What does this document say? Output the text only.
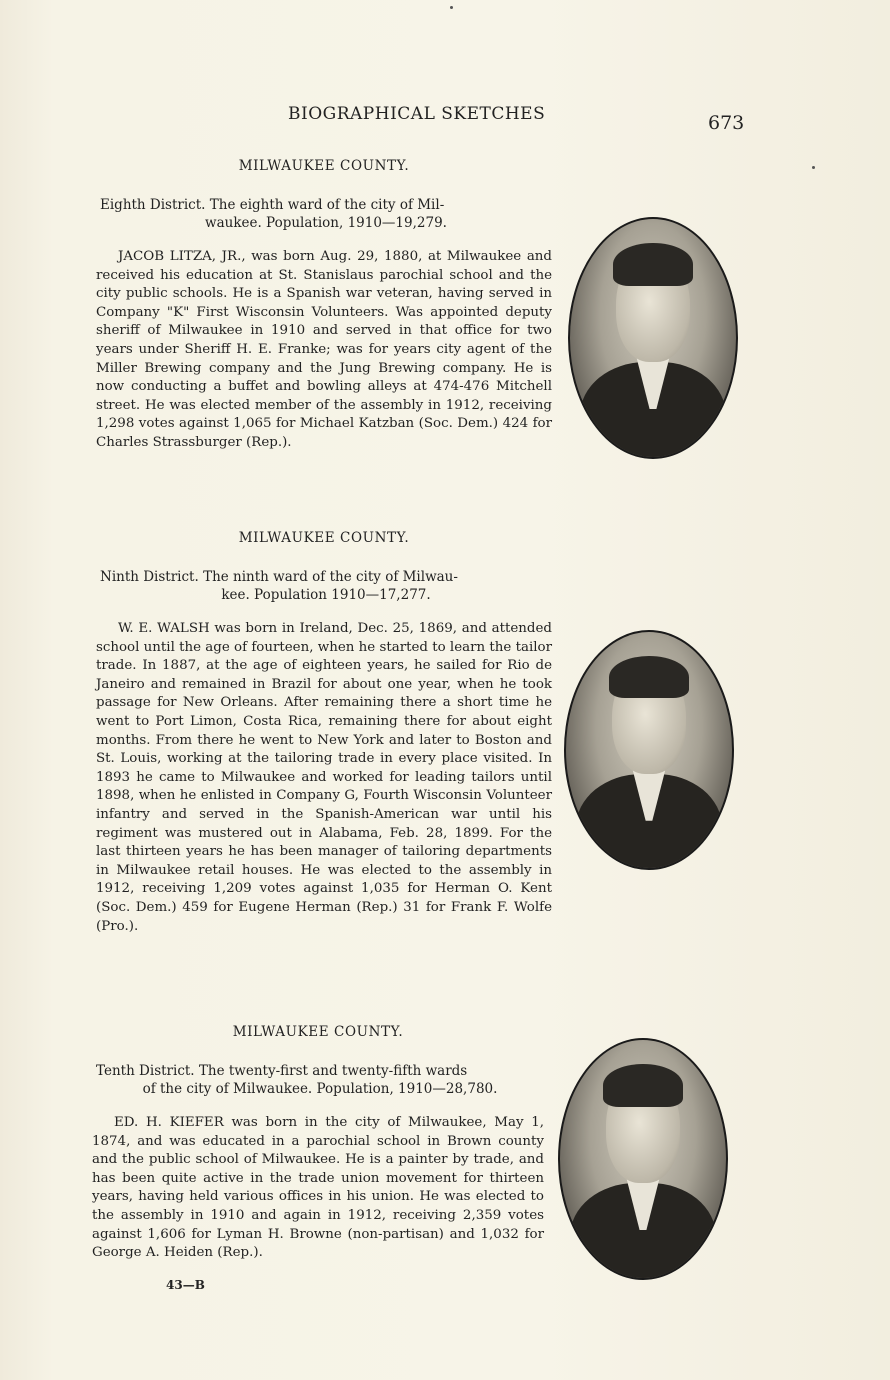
BIOGRAPHICAL SKETCHES	673
MILWAUKEE COUNTY.
Eighth District. The eighth ward of the city of Mil-
waukee. Population, 1910—19,279.

JACOB LITZA, JR., was born Aug. 29, 1880, at Milwaukee and received his education at St. Stanislaus parochial school and the city public schools. He is a Spanish war veteran, having served in Company "K" First Wisconsin Volunteers. Was appointed deputy sheriff of Milwaukee in 1910 and served in that office for two years under Sheriff H. E. Franke; was for years city agent of the Miller Brewing company and the Jung Brewing company. He is now conducting a buffet and bowling alleys at 474-476 Mitchell street. He was elected member of the assembly in 1912, receiving 1,298 votes against 1,065 for Michael Katzban (Soc. Dem.) 424 for Charles Strassburger (Rep.).

MILWAUKEE COUNTY.
Ninth District. The ninth ward of the city of Milwau-
kee. Population 1910—17,277.

W. E. WALSH was born in Ireland, Dec. 25, 1869, and attended school until the age of fourteen, when he started to learn the tailor trade. In 1887, at the age of eighteen years, he sailed for Rio de Janeiro and remained in Brazil for about one year, when he took passage for New Orleans. After remaining there a short time he went to Port Limon, Costa Rica, remaining there for about eight months. From there he went to New York and later to Boston and St. Louis, working at the tailoring trade in every place visited. In 1893 he came to Milwaukee and worked for leading tailors until 1898, when he enlisted in Company G, Fourth Wisconsin Volunteer infantry and served in the Spanish-American war until his regiment was mustered out in Alabama, Feb. 28, 1899. For the last thirteen years he has been manager of tailoring departments in Milwaukee retail houses. He was elected to the assembly in 1912, receiving 1,209 votes against 1,035 for Herman O. Kent (Soc. Dem.) 459 for Eugene Herman (Rep.) 31 for Frank F. Wolfe (Pro.).

MILWAUKEE COUNTY.
Tenth District. The twenty-first and twenty-fifth wards
of the city of Milwaukee. Population, 1910—28,780.

ED. H. KIEFER was born in the city of Milwaukee, May 1, 1874, and was educated in a parochial school in Brown county and the public school of Milwaukee. He is a painter by trade, and has been quite active in the trade union movement for thirteen years, having held various offices in his union. He was elected to the assembly in 1910 and again in 1912, receiving 2,359 votes against 1,606 for Lyman H. Browne (non-partisan) and 1,032 for George A. Heiden (Rep.).

43—B
